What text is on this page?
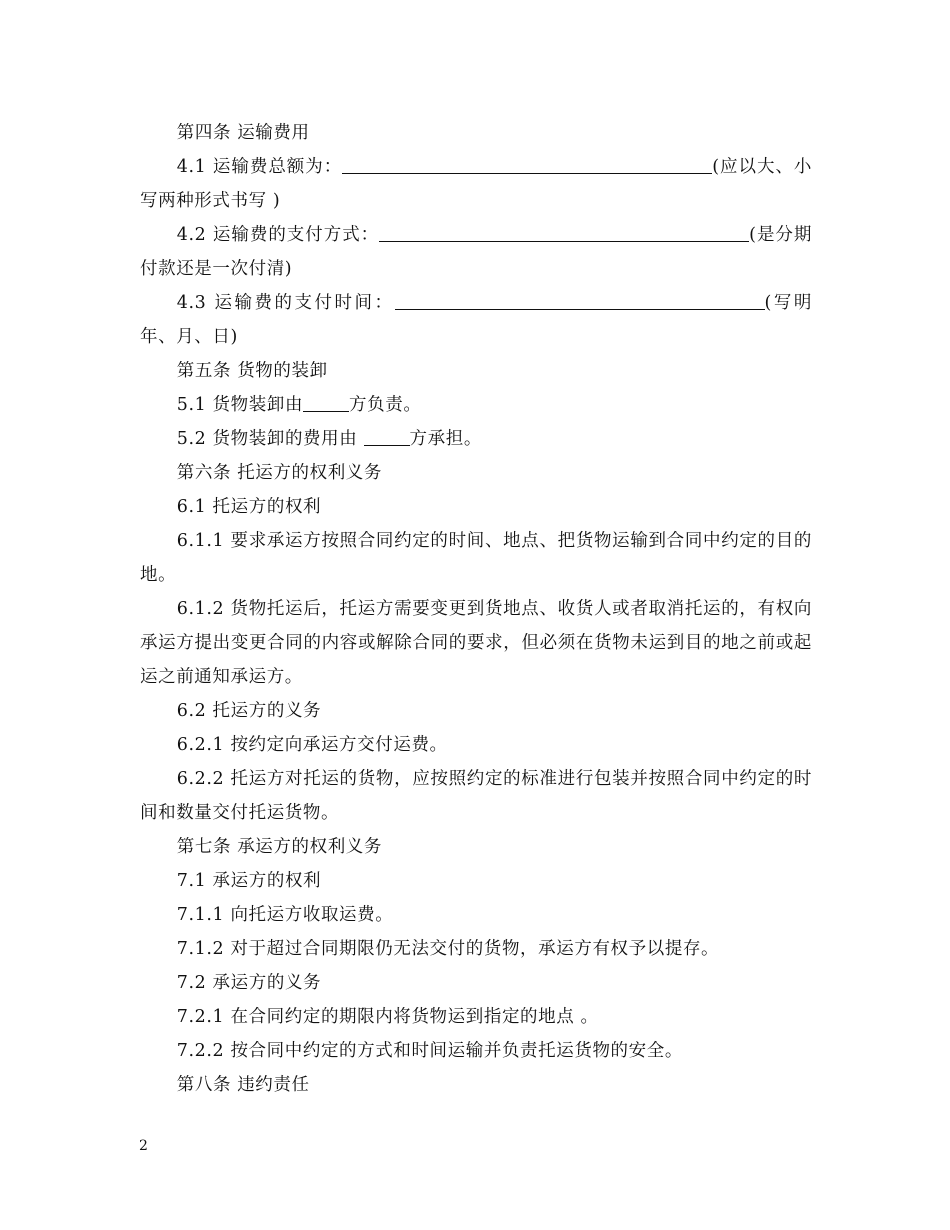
第四条 运输费用

4.1 运输费总额为：	(应以大、小写两种形式书写 )

4.2 运输费的支付方式：	(是分期付款还是一次付清)

4.3 运输费的支付时间：	(写明年、月、日)

第五条 货物的装卸

5.1 货物装卸由	方负责。

5.2 货物装卸的费用由	方承担。

第六条 托运方的权利义务

6.1 托运方的权利

6.1.1 要求承运方按照合同约定的时间、地点、把货物运输到合同中约定的目的地。

6.1.2 货物托运后，托运方需要变更到货地点、收货人或者取消托运的，有权向承运方提出变更合同的内容或解除合同的要求，但必须在货物未运到目的地之前或起运之前通知承运方。

6.2 托运方的义务

6.2.1 按约定向承运方交付运费。

6.2.2 托运方对托运的货物，应按照约定的标准进行包装并按照合同中约定的时间和数量交付托运货物。

第七条 承运方的权利义务

7.1 承运方的权利

7.1.1 向托运方收取运费。

7.1.2 对于超过合同期限仍无法交付的货物，承运方有权予以提存。

7.2 承运方的义务

7.2.1 在合同约定的期限内将货物运到指定的地点 。

7.2.2 按合同中约定的方式和时间运输并负责托运货物的安全。

第八条 违约责任

2
